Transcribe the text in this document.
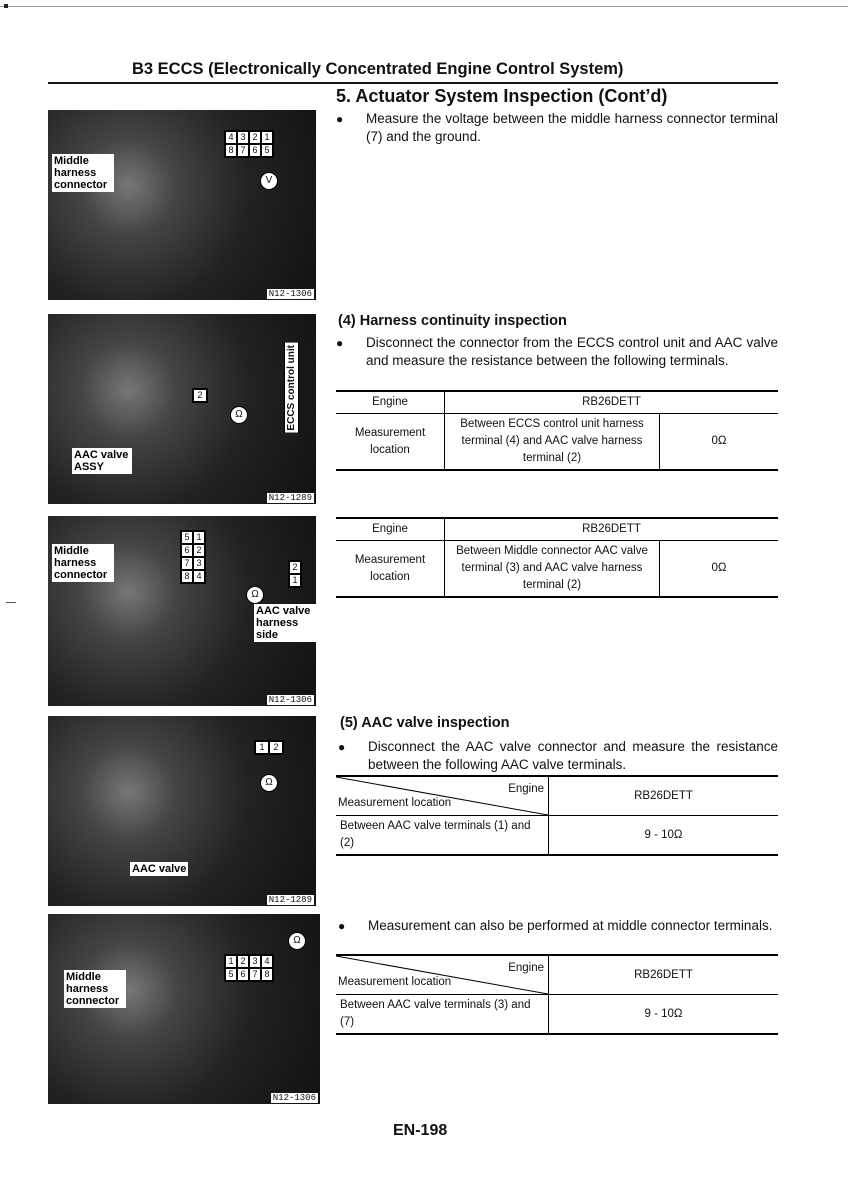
B3 ECCS (Electronically Concentrated Engine Control System)
5. Actuator System Inspection (Cont’d)
4 3 2 1
8 7 6 5
V
Middle harness connector
N12-1306
● Measure the voltage between the middle harness connector terminal (7) and the ground.
ECCS control unit
2
Ω
AAC valve ASSY
N12-1289
(4) Harness continuity inspection
● Disconnect the connector from the ECCS control unit and AAC valve and measure the resistance between the following terminals.
Engine	RB26DETT	
Measurement location	Between ECCS control unit harness terminal (4) and AAC valve harness terminal (2)	0Ω
5 1
6 2
7 3
8 4
2
1
Ω
Middle harness connector
AAC valve harness side
N12-1306
Engine	RB26DETT	
Measurement location	Between Middle connector AAC valve terminal (3) and AAC valve harness terminal (2)	0Ω
1 2
Ω
AAC valve
N12-1289
(5) AAC valve inspection
● Disconnect the AAC valve connector and measure the resistance between the following AAC valve terminals.
Engine
Measurement location	RB26DETT
Between AAC valve terminals (1) and (2)	9 - 10Ω
1 2 3 4
5 6 7 8
Ω
Middle harness connector
N12-1306
● Measurement can also be performed at middle connector terminals.
Engine
Measurement location	RB26DETT
Between AAC valve terminals (3) and (7)	9 - 10Ω
EN-198
